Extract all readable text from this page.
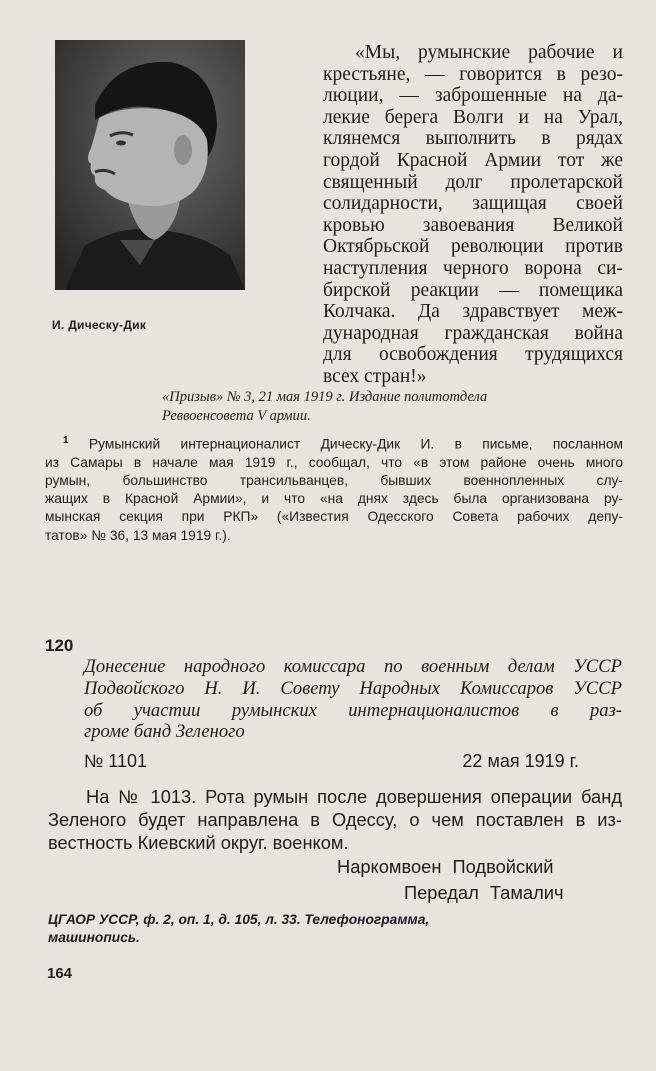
И. Дическу-Дик
«Мы, румынские рабочие и
крестьяне, — говорится в резо-
люции, — заброшенные на да-
лекие берега Волги и на Урал,
клянемся выполнить в рядах
гордой Красной Армии тот же
священный долг пролетарской
солидарности, защищая своей
кровью завоевания Великой
Октябрьской революции против
наступления черного ворона си-
бирской реакции — помещика
Колчака. Да здравствует меж-
дународная гражданская война
для освобождения трудящихся
всех стран!»
«Призыв» № 3, 21 мая 1919 г. Издание политотдела
Реввоенсовета V армии.
$^1$ Румынский интернационалист Дическу-Дик И. в письме, посланном
из Самары в начале мая 1919 г., сообщал, что «в этом районе очень много
румын, большинство трансильванцев, бывших военнопленных слу-
жащих в Красной Армии», и что «на днях здесь была организована ру-
мынская секция при РКП» («Известия Одесского Совета рабочих депу-
татов» № 36, 13 мая 1919 г.).
120
Донесение народного комиссара по военным делам УССР
Подвойского Н. И. Совету Народных Комиссаров УССР
об участии румынских интернационалистов в раз-
громе банд Зеленого
№ 1101	22 мая 1919 г.
На № 1013. Рота румын после довершения операции банд
Зеленого будет направлена в Одессу, о чем поставлен в из-
вестность Киевский округ. военком.
Наркомвоен Подвойский
Передал Тамалич
ЦГАОР УССР, ф. 2, оп. 1, д. 105, л. 33. Телефонограмма,
машинопись.
164
